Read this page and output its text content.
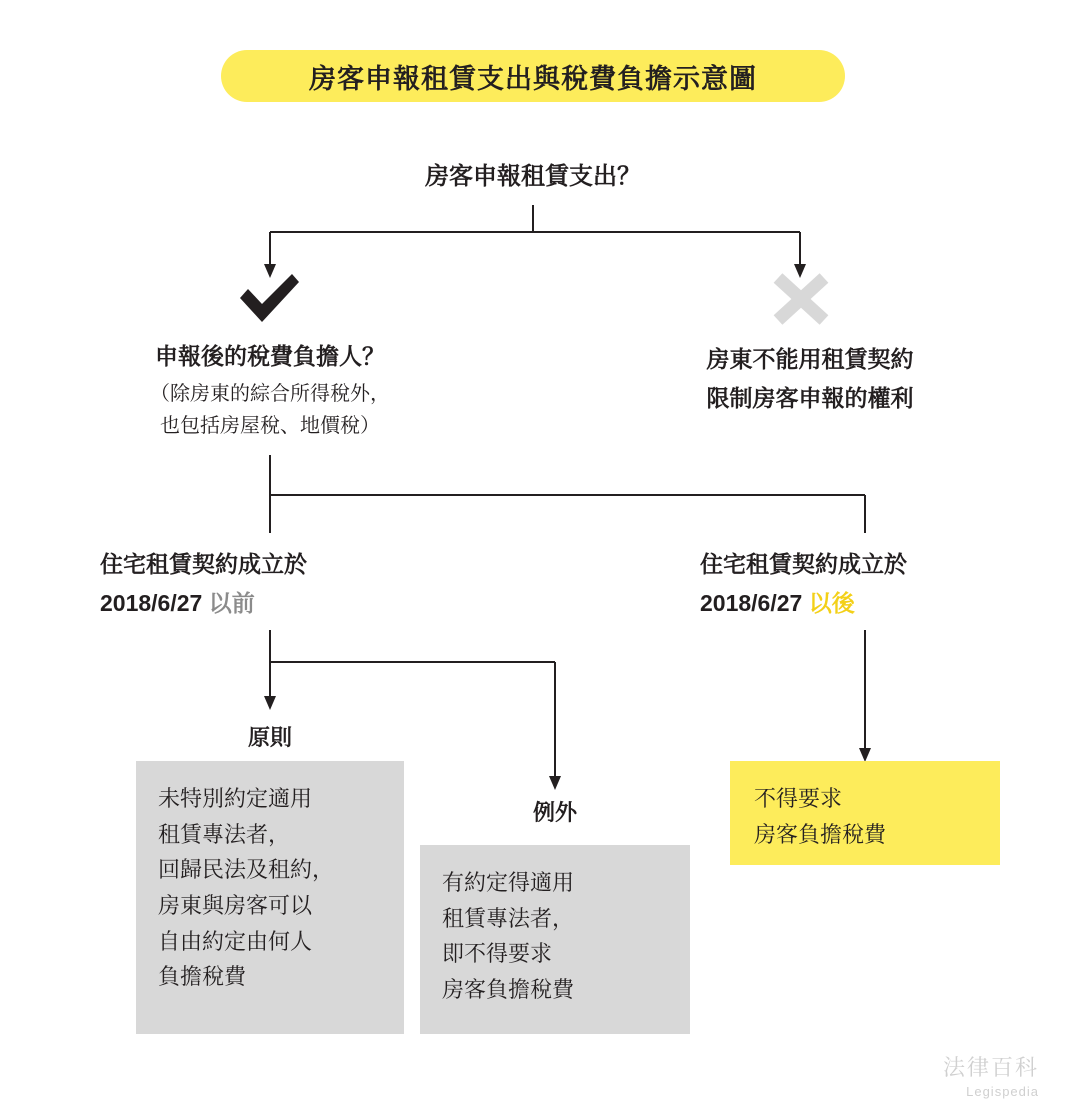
房客申報租賃支出與稅費負擔示意圖
房客申報租賃支出？
申報後的稅費負擔人？
（除房東的綜合所得稅外，
也包括房屋稅、地價稅）
房東不能用租賃契約
限制房客申報的權利
住宅租賃契約成立於
2018/6/27 以前
住宅租賃契約成立於
2018/6/27 以後
原則
例外

未特別約定適用

租賃專法者，

回歸民法及租約，

房東與房客可以

自由約定由何人

負擔稅費

有約定得適用

租賃專法者，

即不得要求

房客負擔稅費

不得要求

房客負擔稅費

法律百科
Legispedia
